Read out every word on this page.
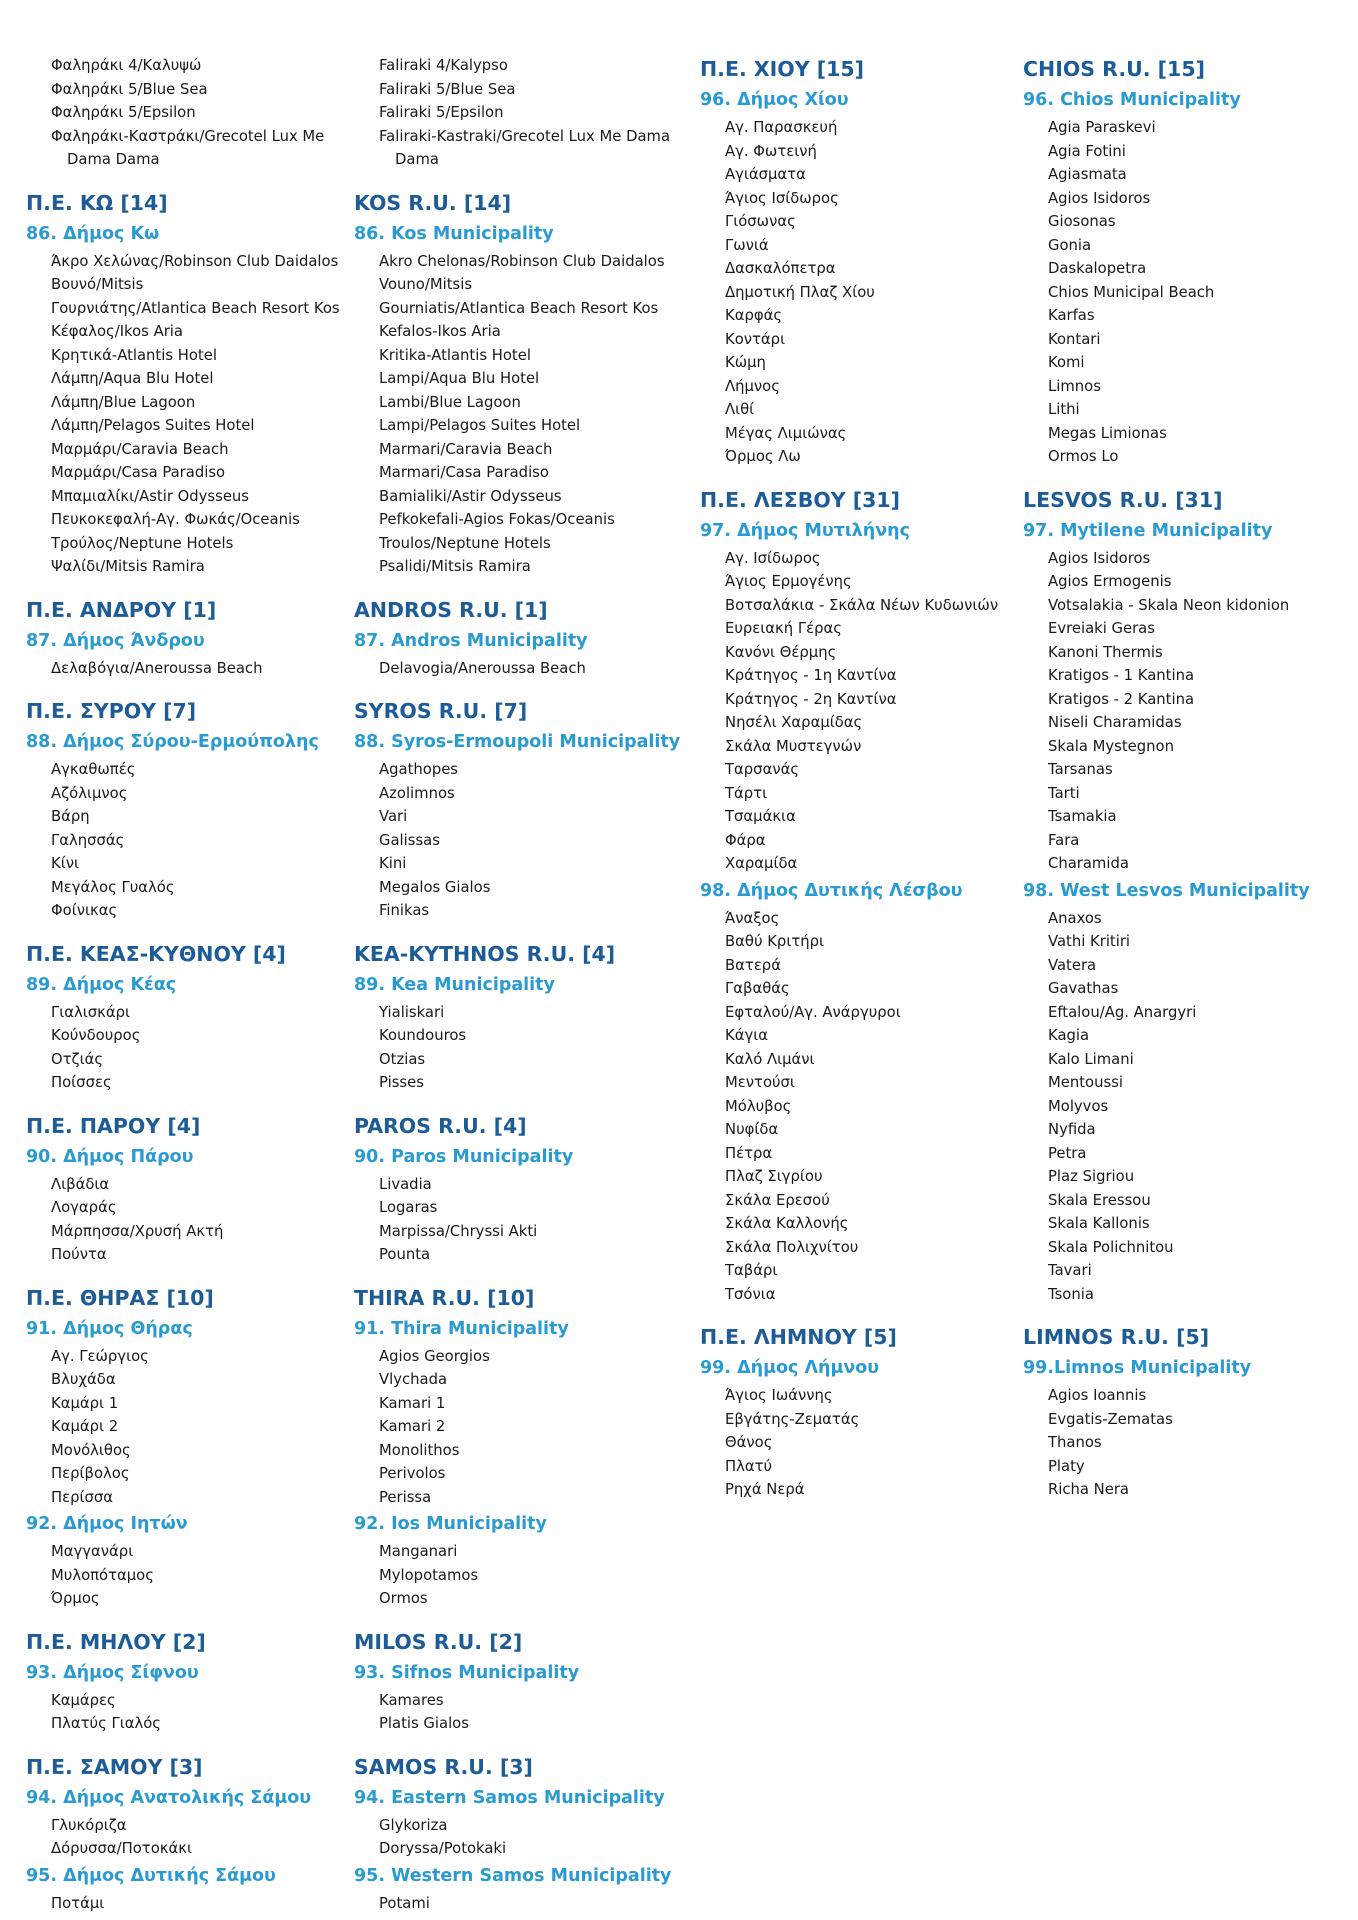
Φαληράκι 4/Καλυψώ
Φαληράκι 5/Blue Sea
Φαληράκι 5/Epsilon
Φαληράκι-Καστράκι/Grecotel Lux Me Dama Dama
Π.Ε. ΚΩ [14]
86. Δήμος Κω
Άκρο Χελώνας/Robinson Club Daidalos
Βουνό/Mitsis
Γουρνιάτης/Atlantica Beach Resort Kos
Κέφαλος/Ikos Aria
Κρητικά-Atlantis Hotel
Λάμπη/Aqua Blu Hotel
Λάμπη/Blue Lagoon
Λάμπη/Pelagos Suites Hotel
Μαρμάρι/Caravia Beach
Μαρμάρι/Casa Paradiso
Μπαμιαλίκι/Astir Odysseus
Πευκοκεφαλή-Αγ. Φωκάς/Oceanis
Τρούλος/Neptune Hotels
Ψαλίδι/Mitsis Ramira
Π.Ε. ΑΝΔΡΟΥ [1]
87. Δήμος Άνδρου
Δελαβόγια/Aneroussa Beach
Π.Ε. ΣΥΡΟΥ [7]
88. Δήμος Σύρου-Ερμούπολης
Αγκαθωπές
Αζόλιμνος
Βάρη
Γαλησσάς
Κίνι
Μεγάλος Γυαλός
Φοίνικας
Π.Ε. ΚΕΑΣ-ΚΥΘΝΟΥ [4]
89. Δήμος Κέας
Γιαλισκάρι
Κούνδουρος
Οτζιάς
Ποίσσες
Π.Ε. ΠΑΡΟΥ [4]
90. Δήμος Πάρου
Λιβάδια
Λογαράς
Μάρπησσα/Χρυσή Ακτή
Πούντα
Π.Ε. ΘΗΡΑΣ [10]
91. Δήμος Θήρας
Αγ. Γεώργιος
Βλυχάδα
Καμάρι 1
Καμάρι 2
Μονόλιθος
Περίβολος
Περίσσα
92. Δήμος Ιητών
Μαγγανάρι
Μυλοπόταμος
Όρμος
Π.Ε. ΜΗΛΟΥ [2]
93. Δήμος Σίφνου
Καμάρες
Πλατύς Γιαλός
Π.Ε. ΣΑΜΟΥ [3]
94. Δήμος Ανατολικής Σάμου
Γλυκόριζα
Δόρυσσα/Ποτοκάκι
95. Δήμος Δυτικής Σάμου
Ποτάμι
Faliraki 4/Kalypso
Faliraki 5/Blue Sea
Faliraki 5/Epsilon
Faliraki-Kastraki/Grecotel Lux Me Dama Dama
KOS R.U. [14]
86. Kos Municipality
Akro Chelonas/Robinson Club Daidalos
Vouno/Mitsis
Gourniatis/Atlantica Beach Resort Kos
Kefalos-Ikos Aria
Kritika-Atlantis Hotel
Lampi/Aqua Blu Hotel
Lambi/Blue Lagoon
Lampi/Pelagos Suites Hotel
Marmari/Caravia Beach
Marmari/Casa Paradiso
Bamialiki/Astir Odysseus
Pefkokefali-Agios Fokas/Oceanis
Troulos/Neptune Hotels
Psalidi/Mitsis Ramira
ANDROS R.U. [1]
87. Andros Municipality
Delavogia/Aneroussa Beach
SYROS R.U. [7]
88. Syros-Ermoupoli Municipality
Agathopes
Azolimnos
Vari
Galissas
Kini
Megalos Gialos
Finikas
KEA-KYTHNOS R.U. [4]
89. Kea Municipality
Yialiskari
Koundouros
Otzias
Pisses
PAROS R.U. [4]
90. Paros Municipality
Livadia
Logaras
Marpissa/Chryssi Akti
Pounta
THIRA R.U. [10]
91. Thira Municipality
Agios Georgios
Vlychada
Kamari 1
Kamari 2
Monolithos
Perivolos
Perissa
92. Ios Municipality
Manganari
Mylopotamos
Ormos
MILOS R.U. [2]
93. Sifnos Municipality
Kamares
Platis Gialos
SAMOS R.U. [3]
94. Eastern Samos Municipality
Glykoriza
Doryssa/Potokaki
95. Western Samos Municipality
Potami
Π.Ε. ΧΙΟΥ [15]
96. Δήμος Χίου
Αγ. Παρασκευή
Αγ. Φωτεινή
Αγιάσματα
Άγιος Ισίδωρος
Γιόσωνας
Γωνιά
Δασκαλόπετρα
Δημοτική Πλαζ Χίου
Καρφάς
Κοντάρι
Κώμη
Λήμνος
Λιθί
Μέγας Λιμιώνας
Όρμος Λω
Π.Ε. ΛΕΣΒΟΥ [31]
97. Δήμος Μυτιλήνης
Αγ. Ισίδωρος
Άγιος Ερμογένης
Βοτσαλάκια - Σκάλα Νέων Κυδωνιών
Ευρειακή Γέρας
Κανόνι Θέρμης
Κράτηγος - 1η Καντίνα
Κράτηγος - 2η Καντίνα
Νησέλι Χαραμίδας
Σκάλα Μυστεγνών
Ταρσανάς
Τάρτι
Τσαμάκια
Φάρα
Χαραμίδα
98. Δήμος Δυτικής Λέσβου
Άναξος
Βαθύ Κριτήρι
Βατερά
Γαβαθάς
Εφταλού/Αγ. Ανάργυροι
Κάγια
Καλό Λιμάνι
Μεντούσι
Μόλυβος
Νυφίδα
Πέτρα
Πλαζ Σιγρίου
Σκάλα Ερεσού
Σκάλα Καλλονής
Σκάλα Πολιχνίτου
Ταβάρι
Τσόνια
Π.Ε. ΛΗΜΝΟΥ [5]
99. Δήμος Λήμνου
Άγιος Ιωάννης
Εβγάτης-Ζεματάς
Θάνος
Πλατύ
Ρηχά Νερά
CHIOS R.U. [15]
96. Chios Municipality
Agia Paraskevi
Agia Fotini
Agiasmata
Agios Isidoros
Giosonas
Gonia
Daskalopetra
Chios Municipal Beach
Karfas
Kontari
Komi
Limnos
Lithi
Megas Limionas
Ormos Lo
LESVOS R.U. [31]
97. Mytilene Municipality
Agios Isidoros
Agios Ermogenis
Votsalakia - Skala Neon kidonion
Evreiaki Geras
Kanoni Thermis
Kratigos - 1 Kantina
Kratigos - 2 Kantina
Niseli Charamidas
Skala Mystegnon
Tarsanas
Tarti
Tsamakia
Fara
Charamida
98. West Lesvos Municipality
Anaxos
Vathi Kritiri
Vatera
Gavathas
Eftalou/Ag. Anargyri
Kagia
Kalo Limani
Mentoussi
Molyvos
Nyfida
Petra
Plaz Sigriou
Skala Eressou
Skala Kallonis
Skala Polichnitou
Tavari
Tsonia
LIMNOS R.U. [5]
99.Limnos Municipality
Agios Ioannis
Evgatis-Zematas
Thanos
Platy
Richa Nera
